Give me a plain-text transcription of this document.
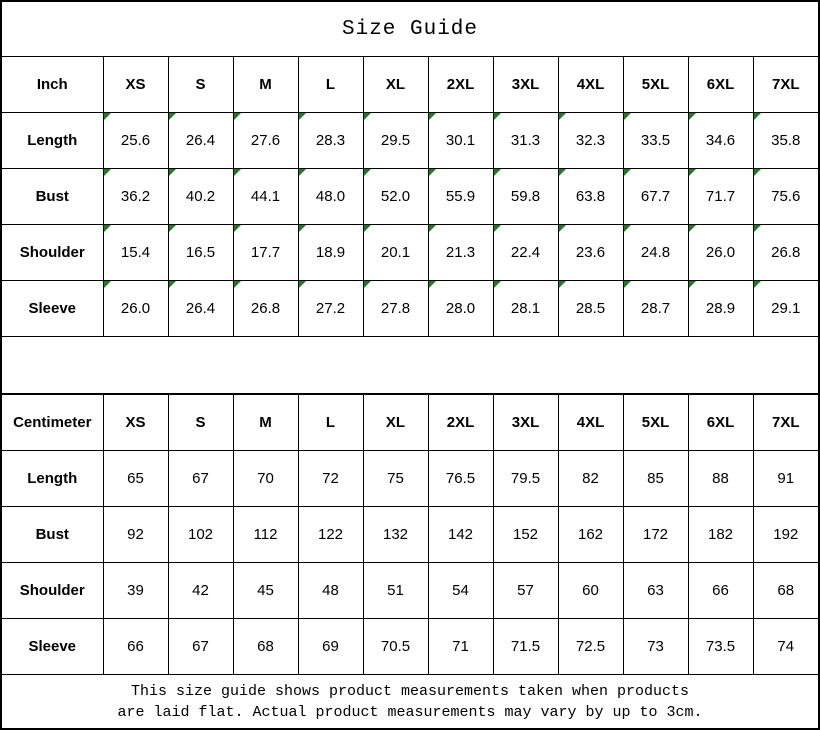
Size Guide
Inch	XS	S	M	L	XL	2XL	3XL	4XL	5XL	6XL	7XL
Length	25.6	26.4	27.6	28.3	29.5	30.1	31.3	32.3	33.5	34.6	35.8
Bust	36.2	40.2	44.1	48.0	52.0	55.9	59.8	63.8	67.7	71.7	75.6
Shoulder	15.4	16.5	17.7	18.9	20.1	21.3	22.4	23.6	24.8	26.0	26.8
Sleeve	26.0	26.4	26.8	27.2	27.8	28.0	28.1	28.5	28.7	28.9	29.1
Centimeter	XS	S	M	L	XL	2XL	3XL	4XL	5XL	6XL	7XL
Length	65	67	70	72	75	76.5	79.5	82	85	88	91
Bust	92	102	112	122	132	142	152	162	172	182	192
Shoulder	39	42	45	48	51	54	57	60	63	66	68
Sleeve	66	67	68	69	70.5	71	71.5	72.5	73	73.5	74
This size guide shows product measurements taken when products
are laid flat. Actual product measurements may vary by up to 3cm.
